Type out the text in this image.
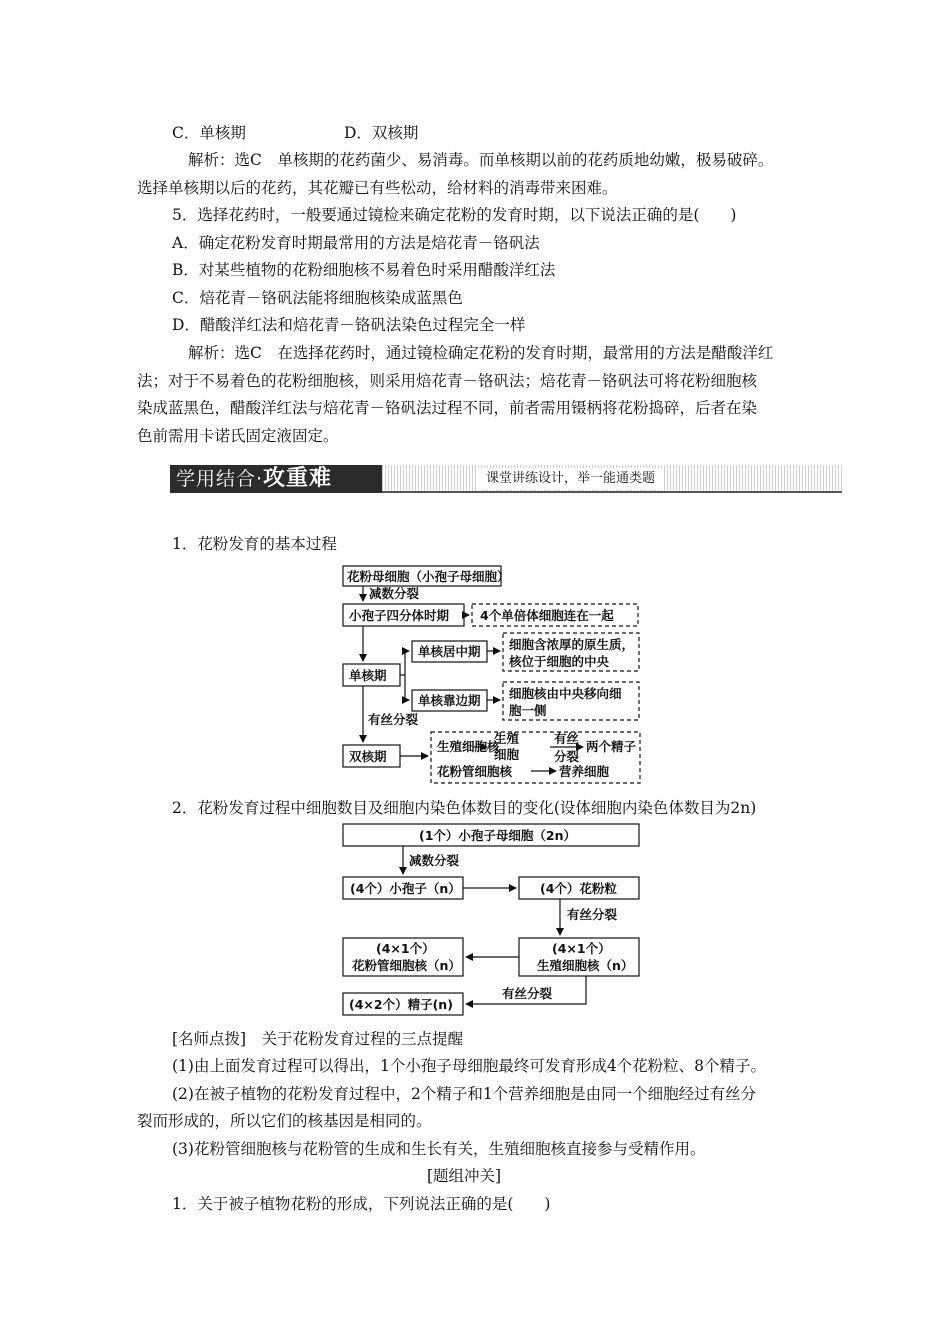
C．单核期	D．双核期
解析：选C　单核期的花药菌少、易消毒。而单核期以前的花药质地幼嫩，极易破碎。
选择单核期以后的花药，其花瓣已有些松动，给材料的消毒带来困难。
5．选择花药时，一般要通过镜检来确定花粉的发育时期，以下说法正确的是(　　)
A．确定花粉发育时期最常用的方法是焙花青－铬矾法
B．对某些植物的花粉细胞核不易着色时采用醋酸洋红法
C．焙花青－铬矾法能将细胞核染成蓝黑色
D．醋酸洋红法和焙花青－铬矾法染色过程完全一样
解析：选C　在选择花药时，通过镜检确定花粉的发育时期，最常用的方法是醋酸洋红
法；对于不易着色的花粉细胞核，则采用焙花青－铬矾法；焙花青－铬矾法可将花粉细胞核
染成蓝黑色，醋酸洋红法与焙花青－铬矾法过程不同，前者需用镊柄将花粉捣碎，后者在染
色前需用卡诺氏固定液固定。
学用结合·攻重难	课堂讲练设计，举一能通类题
1．花粉发育的基本过程
花粉母细胞（小孢子母细胞）
减数分裂
小孢子四分体时期 4个单倍体细胞连在一起
单核期
单核居中期 细胞含浓厚的原生质，
核位于细胞的中央
单核靠边期 细胞核由中央移向细
胞一侧
有丝分裂
双核期
生殖细胞核
生殖
细胞
有丝
分裂
两个精子
花粉管细胞核	营养细胞
2．花粉发育过程中细胞数目及细胞内染色体数目的变化(设体细胞内染色体数目为2n)
(1个）小孢子母细胞（2n）
减数分裂
(4个）小孢子（n）	(4个）花粉粒
有丝分裂
(4×1个）
花粉管细胞核（n）
(4×1个）
生殖细胞核（n）
有丝分裂
(4×2个）精子(n)
[名师点拨]　关于花粉发育过程的三点提醒
(1)由上面发育过程可以得出，1个小孢子母细胞最终可发育形成4个花粉粒、8个精子。
(2)在被子植物的花粉发育过程中，2个精子和1个营养细胞是由同一个细胞经过有丝分
裂而形成的，所以它们的核基因是相同的。
(3)花粉管细胞核与花粉管的生成和生长有关，生殖细胞核直接参与受精作用。
[题组冲关]
1．关于被子植物花粉的形成，下列说法正确的是(　　)
